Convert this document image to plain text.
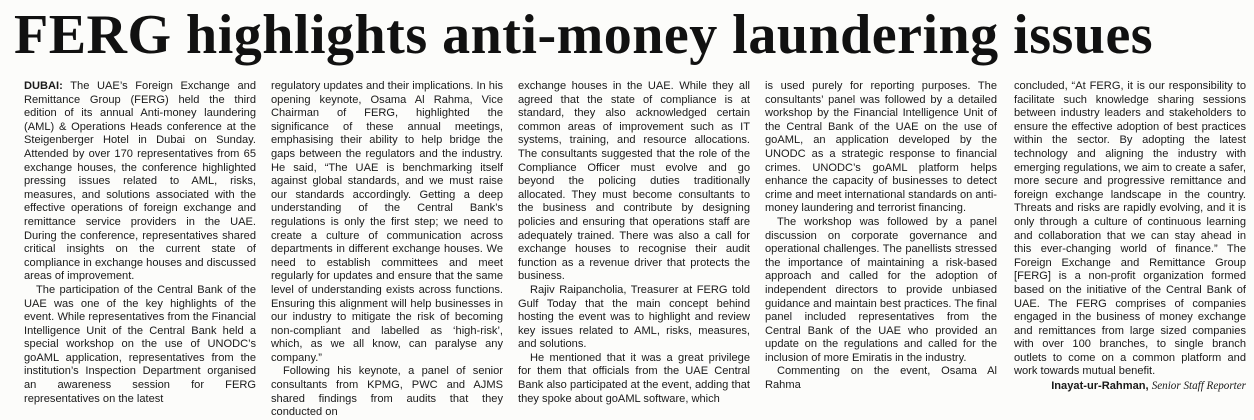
FERG highlights anti-money laundering issues

DUBAI: The UAE’s Foreign Exchange and Remittance Group (FERG) held the third edition of its annual Anti-money laundering (AML) & Operations Heads conference at the Steigenberger Hotel in Dubai on Sunday. Attended by over 170 representatives from 65 exchange houses, the conference highlighted pressing issues related to AML, risks, measures, and solutions associated with the effective operations of foreign exchange and remittance service providers in the UAE. During the conference, representatives shared critical insights on the current state of compliance in exchange houses and discussed areas of improvement.

The participation of the Central Bank of the UAE was one of the key highlights of the event. While representatives from the Financial Intelligence Unit of the Central Bank held a special workshop on the use of UNODC’s goAML application, representatives from the institution’s Inspection Department organised an awareness session for FERG representatives on the latest

regulatory updates and their implications. In his opening keynote, Osama Al Rahma, Vice Chairman of FERG, highlighted the significance of these annual meetings, emphasising their ability to help bridge the gaps between the regulators and the industry. He said, “The UAE is benchmarking itself against global standards, and we must raise our standards accordingly. Getting a deep understanding of the Central Bank’s regulations is only the first step; we need to create a culture of communication across departments in different exchange houses. We need to establish committees and meet regularly for updates and ensure that the same level of understanding exists across functions. Ensuring this alignment will help businesses in our industry to mitigate the risk of becoming non-compliant and labelled as ‘high-risk’, which, as we all know, can paralyse any company.”

Following his keynote, a panel of senior consultants from KPMG, PWC and AJMS shared findings from audits that they conducted on

exchange houses in the UAE. While they all agreed that the state of compliance is at standard, they also acknowledged certain common areas of improvement such as IT systems, training, and resource allocations. The consultants suggested that the role of the Compliance Officer must evolve and go beyond the policing duties traditionally allocated. They must become consultants to the business and contribute by designing policies and ensuring that operations staff are adequately trained. There was also a call for exchange houses to recognise their audit function as a revenue driver that protects the business.

Rajiv Raipancholia, Treasurer at FERG told Gulf Today that the main concept behind hosting the event was to highlight and review key issues related to AML, risks, measures, and solutions.

He mentioned that it was a great privilege for them that officials from the UAE Central Bank also participated at the event, adding that they spoke about goAML software, which

is used purely for reporting purposes. The consultants’ panel was followed by a detailed workshop by the Financial Intelligence Unit of the Central Bank of the UAE on the use of goAML, an application developed by the UNODC as a strategic response to financial crimes. UNODC’s goAML platform helps enhance the capacity of businesses to detect crime and meet international standards on anti-money laundering and terrorist financing.

The workshop was followed by a panel discussion on corporate governance and operational challenges. The panellists stressed the importance of maintaining a risk-based approach and called for the adoption of independent directors to provide unbiased guidance and maintain best practices. The final panel included representatives from the Central Bank of the UAE who provided an update on the regulations and called for the inclusion of more Emiratis in the industry.

Commenting on the event, Osama Al Rahma

concluded, “At FERG, it is our responsibility to facilitate such knowledge sharing sessions between industry leaders and stakeholders to ensure the effective adoption of best practices within the sector. By adopting the latest technology and aligning the industry with emerging regulations, we aim to create a safer, more secure and progressive remittance and foreign exchange landscape in the country. Threats and risks are rapidly evolving, and it is only through a culture of continuous learning and collaboration that we can stay ahead in this ever-changing world of finance.” The Foreign Exchange and Remittance Group [FERG] is a non-profit organization formed based on the initiative of the Central Bank of UAE. The FERG comprises of companies engaged in the business of money exchange and remittances from large sized companies with over 100 branches, to single branch outlets to come on a common platform and work towards mutual benefit.

Inayat-ur-Rahman, Senior Staff Reporter
